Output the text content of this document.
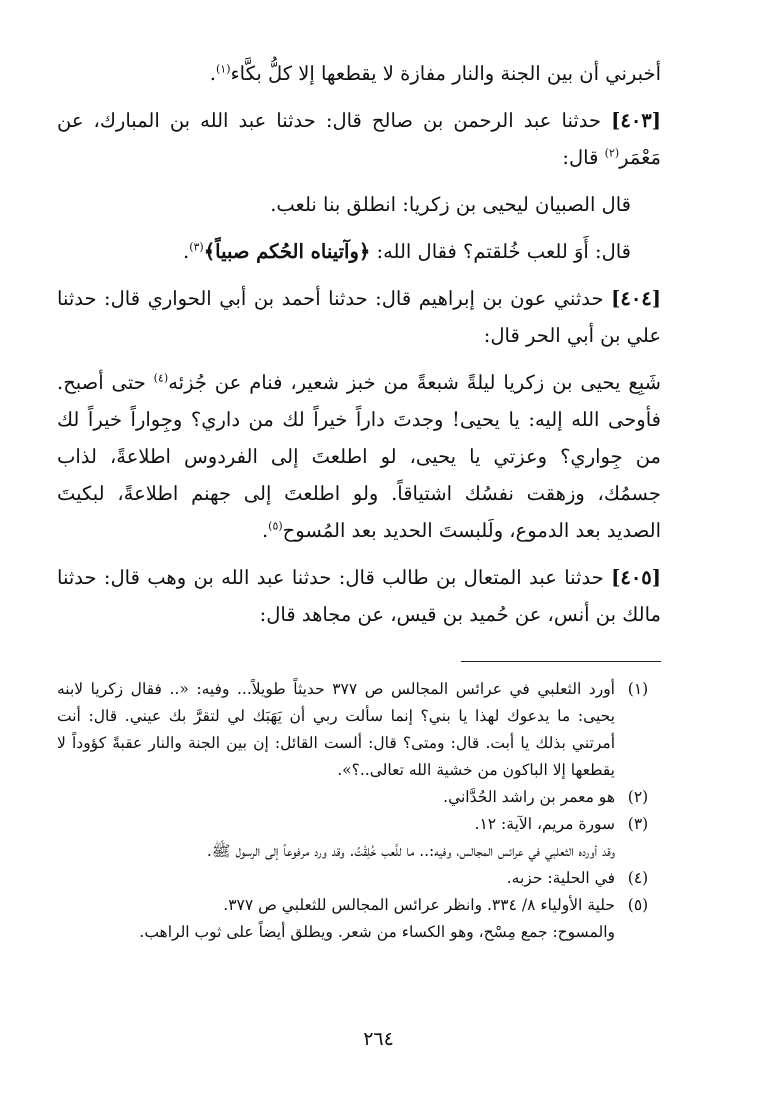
أخبرني أن بين الجنة والنار مفازة لا يقطعها إلا كلُّ بكَّاء$^{(١)}$.

[٤٠٣] حدثنا عبد الرحمن بن صالح قال: حدثنا عبد الله بن المبارك، عن مَعْمَر$^{(٢)}$ قال:

قال الصبيان ليحيى بن زكريا: انطلق بنا نلعب.

قال: أَوَ للعب خُلقتم؟ فقال الله: ﴿وآتيناه الحُكم صبياً﴾$^{(٣)}$.

[٤٠٤] حدثني عون بن إبراهيم قال: حدثنا أحمد بن أبي الحواري قال: حدثنا علي بن أبي الحر قال:

شَبِع يحيى بن زكريا ليلةً شبعةً من خبز شعير، فنام عن جُزئه$^{(٤)}$ حتى أصبح. فأوحى الله إليه: يا يحيى! وجدتَ داراً خيراً لك من داري؟ وجِواراً خيراً لك من جِواري؟ وعزتي يا يحيى، لو اطلعتَ إلى الفردوس اطلاعةً، لذاب جسمُك، وزهقت نفسُك اشتياقاً. ولو اطلعتَ إلى جهنم اطلاعةً، لبكيتَ الصديد بعد الدموع، ولَلبستَ الحديد بعد المُسوح$^{(٥)}$.

[٤٠٥] حدثنا عبد المتعال بن طالب قال: حدثنا عبد الله بن وهب قال: حدثنا مالك بن أنس، عن حُميد بن قيس، عن مجاهد قال:

(١)
أورد الثعلبي في عرائس المجالس ص ٣٧٧ حديثاً طويلاً... وفيه: «.. فقال زكريا لابنه يحيى: ما يدعوك لهذا يا بني؟ إنما سألت ربي أن يَهَبَك لي لتقرَّ بك عيني. قال: أنت أمرتني بذلك يا أبت. قال: ومتى؟ قال: ألست القائل: إن بين الجنة والنار عقبةً كؤوداً لا يقطعها إلا الباكون من خشية الله تعالى..؟».
(٢)
هو معمر بن راشد الحُدَّاني.
(٣)
سورة مريم، الآية: ١٢.
وقد أورده الثعلبي في عرائس المجالس، وفيه:.. ما للَّعب خُلِقْتُ. وقد ورد مرفوعاً إلى الرسول ﷺ.
(٤)
في الحلية: حزبه.
(٥)
حلية الأولياء ٨/ ٣٣٤. وانظر عرائس المجالس للثعلبي ص ٣٧٧.
والمسوح: جمع مِسْح، وهو الكساء من شعر. ويطلق أيضاً على ثوب الراهب.
٢٦٤
